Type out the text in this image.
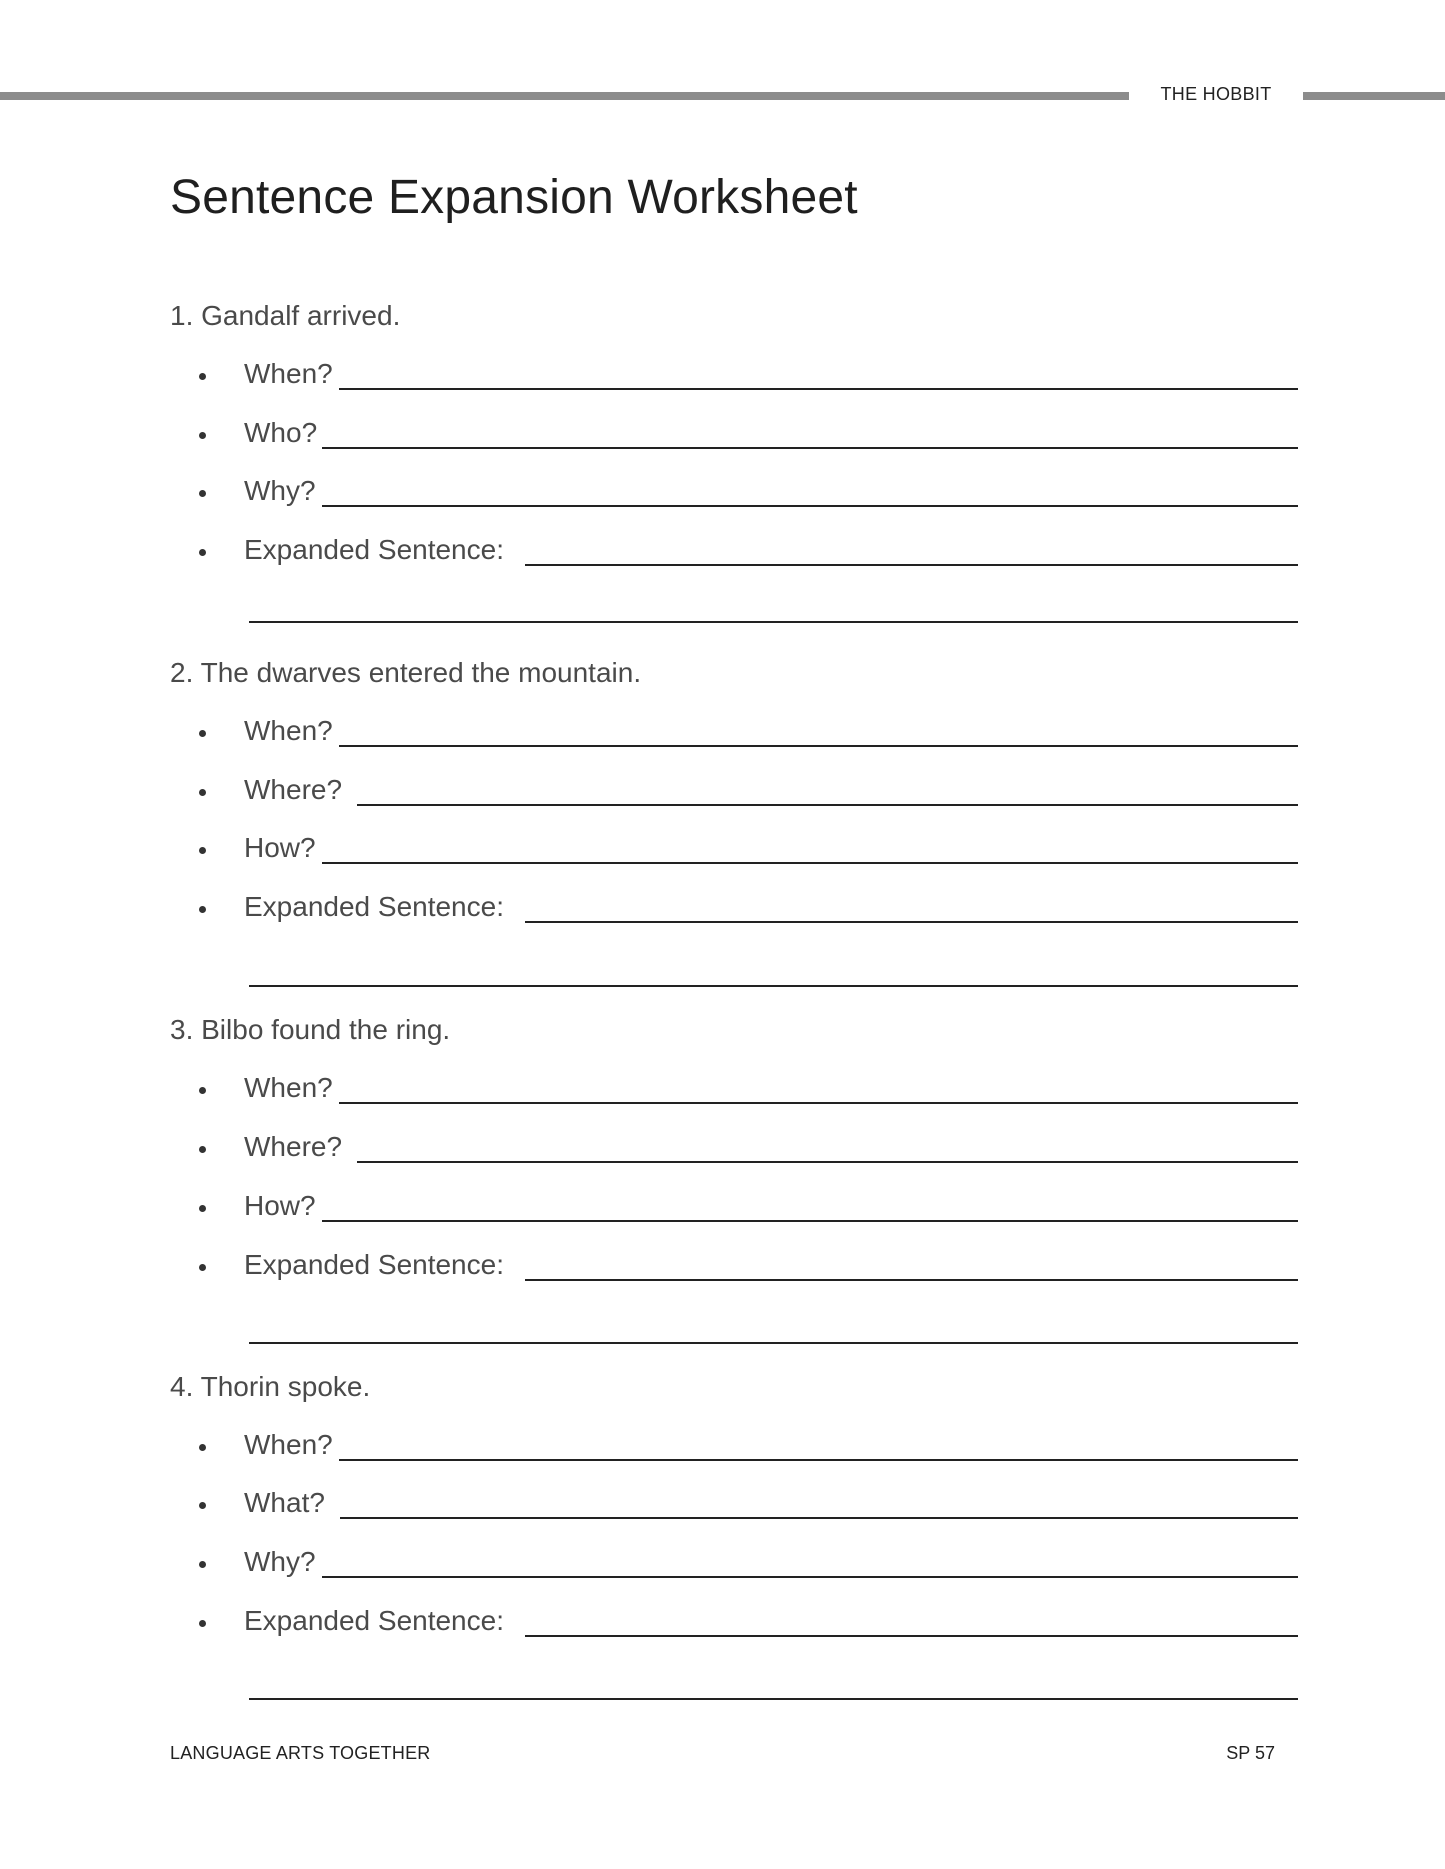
THE HOBBIT
Sentence Expansion Worksheet
1. Gandalf arrived.
When?
Who?
Why?
Expanded Sentence:
2. The dwarves entered the mountain.
When?
Where?
How?
Expanded Sentence:
3. Bilbo found the ring.
When?
Where?
How?
Expanded Sentence:
4. Thorin spoke.
When?
What?
Why?
Expanded Sentence:
LANGUAGE ARTS TOGETHER	SP 57
